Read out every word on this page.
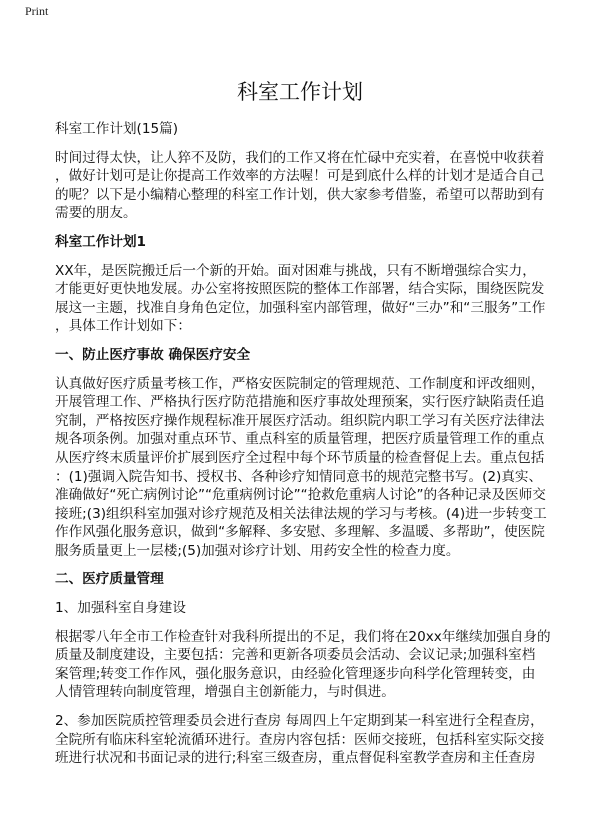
Print
科室工作计划
科室工作计划(15篇)
时间过得太快，让人猝不及防，我们的工作又将在忙碌中充实着，在喜悦中收获着
，做好计划可是让你提高工作效率的方法喔！可是到底什么样的计划才是适合自己
的呢？以下是小编精心整理的科室工作计划，供大家参考借鉴，希望可以帮助到有
需要的朋友。
科室工作计划1
XX年，是医院搬迁后一个新的开始。面对困难与挑战，只有不断增强综合实力，
才能更好更快地发展。办公室将按照医院的整体工作部署，结合实际，围绕医院发
展这一主题，找准自身角色定位，加强科室内部管理，做好“三办”和“三服务”工作
，具体工作计划如下：
一、防止医疗事故 确保医疗安全
认真做好医疗质量考核工作，严格安医院制定的管理规范、工作制度和评改细则，
开展管理工作、严格执行医疗防范措施和医疗事故处理预案，实行医疗缺陷责任追
究制，严格按医疗操作规程标准开展医疗活动。组织院内职工学习有关医疗法律法
规各项条例。加强对重点环节、重点科室的质量管理，把医疗质量管理工作的重点
从医疗终末质量评价扩展到医疗全过程中每个环节质量的检查督促上去。重点包括
：(1)强调入院告知书、授权书、各种诊疗知情同意书的规范完整书写。(2)真实、
准确做好“死亡病例讨论”“危重病例讨论”“抢救危重病人讨论”的各种记录及医师交
接班;(3)组织科室加强对诊疗规范及相关法律法规的学习与考核。(4)进一步转变工
作作风强化服务意识，做到“多解释、多安慰、多理解、多温暖、多帮助”，使医院
服务质量更上一层楼;(5)加强对诊疗计划、用药安全性的检查力度。
二、医疗质量管理
1、加强科室自身建设
根据零八年全市工作检查针对我科所提出的不足，我们将在20xx年继续加强自身的
质量及制度建设，主要包括：完善和更新各项委员会活动、会议记录;加强科室档
案管理;转变工作作风，强化服务意识，由经验化管理逐步向科学化管理转变，由
人情管理转向制度管理，增强自主创新能力，与时俱进。
2、参加医院质控管理委员会进行查房 每周四上午定期到某一科室进行全程查房，
全院所有临床科室轮流循环进行。查房内容包括：医师交接班，包括科室实际交接
班进行状况和书面记录的进行;科室三级查房，重点督促科室教学查房和主任查房
